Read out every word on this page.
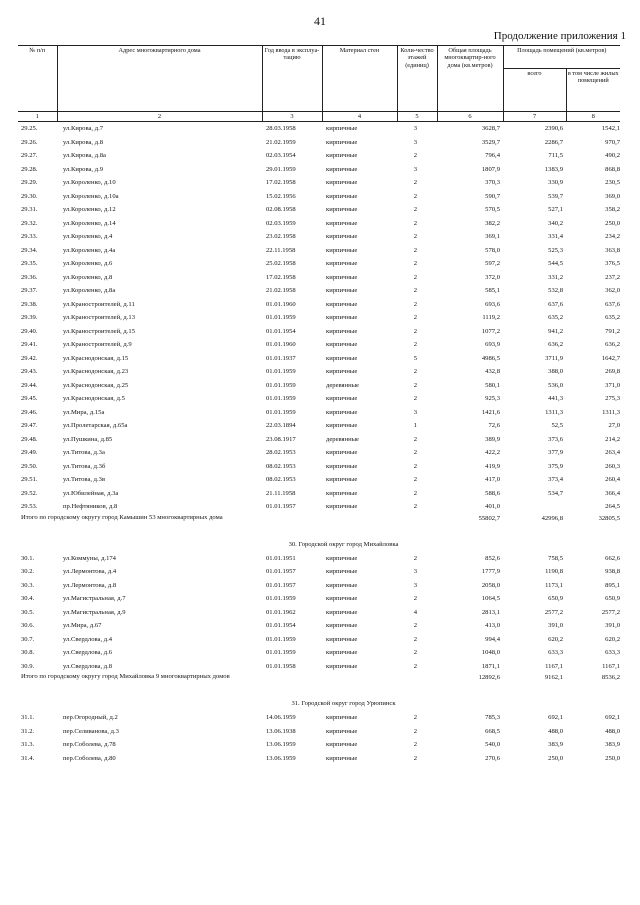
41
Продолжение приложения 1
№ п/п	Адрес многоквартирного дома	Год ввода в эксплуа-тацию	Материал стен	Коли-чество этажей (единиц)	Общая площадь многоквартир-ного дома (кв.метров)	Площадь помещений (кв.метров)	
						всего	в том числе жилых помещений
1	2	3	4	5	6	7	8
29.25.	ул.Кирова, д.7	28.03.1958	кирпичные	3	3628,7	2390,6	1542,1
29.26.	ул.Кирова, д.8	21.02.1959	кирпичные	3	3529,7	2286,7	970,7
29.27.	ул.Кирова, д.8а	02.03.1954	кирпичные	2	796,4	711,5	490,2
29.28.	ул.Кирова, д.9	29.01.1959	кирпичные	3	1807,9	1383,9	868,8
29.29.	ул.Короленко, д.10	17.02.1958	кирпичные	2	370,3	330,9	230,5
29.30.	ул.Короленко, д.10а	15.02.1956	кирпичные	2	590,7	539,7	369,0
29.31.	ул.Короленко, д.12	02.08.1958	кирпичные	2	570,5	527,1	358,2
29.32.	ул.Короленко, д.14	02.03.1959	кирпичные	2	382,2	340,2	250,0
29.33.	ул.Короленко, д.4	23.02.1958	кирпичные	2	369,1	331,4	234,2
29.34.	ул.Короленко, д.4а	22.11.1958	кирпичные	2	578,0	525,3	363,8
29.35.	ул.Короленко, д.6	25.02.1958	кирпичные	2	597,2	544,5	376,5
29.36.	ул.Короленко, д.8	17.02.1958	кирпичные	2	372,0	331,2	237,2
29.37.	ул.Короленко, д.8а	21.02.1958	кирпичные	2	585,1	532,8	362,0
29.38.	ул.Краностроителей, д.11	01.01.1960	кирпичные	2	693,6	637,6	637,6
29.39.	ул.Краностроителей, д.13	01.01.1959	кирпичные	2	1119,2	635,2	635,2
29.40.	ул.Краностроителей, д.15	01.01.1954	кирпичные	2	1077,2	941,2	791,2
29.41.	ул.Краностроителей, д.9	01.01.1960	кирпичные	2	693,9	636,2	636,2
29.42.	ул.Краснодонская, д.15	01.01.1937	кирпичные	5	4986,5	3711,9	1642,7
29.43.	ул.Краснодонская, д.23	01.01.1959	кирпичные	2	432,8	388,0	269,8
29.44.	ул.Краснодонская, д.25	01.01.1959	деревянные	2	580,1	536,0	371,0
29.45.	ул.Краснодонская, д.5	01.01.1959	кирпичные	2	925,3	441,3	275,3
29.46.	ул.Мира, д.15а	01.01.1959	кирпичные	3	1421,6	1311,3	1311,3
29.47.	ул.Пролетарская, д.65а	22.03.1894	кирпичные	1	72,6	52,5	27,0
29.48.	ул.Пушкина, д.85	23.08.1917	деревянные	2	389,9	373,6	214,2
29.49.	ул.Титова, д.3а	28.02.1953	кирпичные	2	422,2	377,9	263,4
29.50.	ул.Титова, д.3б	08.02.1953	кирпичные	2	419,9	375,9	260,3
29.51.	ул.Титова, д.3в	08.02.1953	кирпичные	2	417,0	373,4	260,4
29.52.	ул.Юбилейная, д.3а	21.11.1958	кирпичные	2	588,6	534,7	366,4
29.53.	пр.Нефтяников, д.8	01.01.1957	кирпичные	2	401,0		264,5
Итого по городскому округу город Камышин 53 многоквартирных дома					55802,7	42996,8	32805,5
30. Городской округ город Михайловка							
30.1.	ул.Коммуны, д.174	01.01.1951	кирпичные	2	852,6	758,5	662,6
30.2.	ул.Лермонтова, д.4	01.01.1957	кирпичные	3	1777,9	1190,8	938,8
30.3.	ул.Лермонтова, д.8	01.01.1957	кирпичные	3	2058,0	1173,1	895,1
30.4.	ул.Магистральная, д.7	01.01.1959	кирпичные	2	1064,5	650,9	650,9
30.5.	ул.Магистральная, д.9	01.01.1962	кирпичные	4	2813,1	2577,2	2577,2
30.6.	ул.Мира, д.67	01.01.1954	кирпичные	2	413,0	391,0	391,0
30.7.	ул.Свердлова, д.4	01.01.1959	кирпичные	2	994,4	620,2	620,2
30.8.	ул.Свердлова, д.6	01.01.1959	кирпичные	2	1048,0	633,3	633,3
30.9.	ул.Свердлова, д.8	01.01.1958	кирпичные	2	1871,1	1167,1	1167,1
Итого по городскому округу город Михайловка 9 многоквартирных домов					12892,6	9162,1	8536,2
31. Городской округ город Урюпинск							
31.1.	пер.Огородный, д.2	14.06.1959	кирпичные	2	785,3	692,1	692,1
31.2.	пер.Селиванова, д.3	13.06.1938	кирпичные	2	668,5	488,0	488,0
31.3.	пер.Соболева, д.78	13.06.1959	кирпичные	2	540,0	383,9	383,9
31.4.	пер.Соболева, д.80	13.06.1959	кирпичные	2	270,6	250,0	250,0
